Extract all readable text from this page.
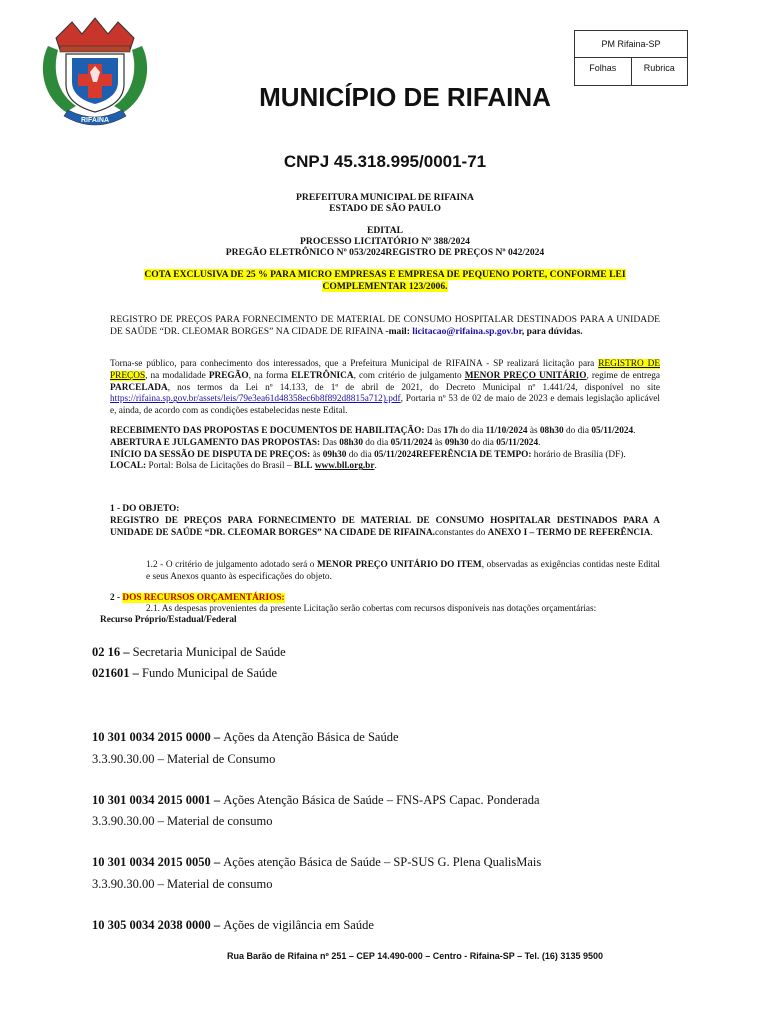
RIFAINA
PM Rifaina-SP
Folhas	Rubrica
MUNICÍPIO DE RIFAINA
CNPJ 45.318.995/0001-71
PREFEITURA MUNICIPAL DE RIFAINA
ESTADO DE SÃO PAULO
EDITAL
PROCESSO LICITATÓRIO Nº 388/2024
PREGÃO ELETRÔNICO Nº 053/2024REGISTRO DE PREÇOS Nº 042/2024
COTA EXCLUSIVA DE 25 % PARA MICRO EMPRESAS E EMPRESA DE PEQUENO PORTE, CONFORME LEI COMPLEMENTAR 123/2006.
REGISTRO DE PREÇOS PARA FORNECIMENTO DE MATERIAL DE CONSUMO HOSPITALAR DESTINADOS PARA A UNIDADE DE SAÚDE “DR. CLEOMAR BORGES” NA CIDADE DE RIFAINA -mail: licitacao@rifaina.sp.gov.br, para dúvidas.
Torna-se público, para conhecimento dos interessados, que a Prefeitura Municipal de RIFAINA - SP realizará licitação para REGISTRO DE PREÇOS, na modalidade PREGÃO, na forma ELETRÔNICA, com critério de julgamento MENOR PREÇO UNITÁRIO, regime de entrega PARCELADA, nos termos da Lei nº 14.133, de 1º de abril de 2021, do Decreto Municipal nº 1.441/24, disponível no site https://rifaina.sp.gov.br/assets/leis/79e3ea61d48358ec6b8f892d8815a712).pdf, Portaria nº 53 de 02 de maio de 2023 e demais legislação aplicável e, ainda, de acordo com as condições estabelecidas neste Edital.
RECEBIMENTO DAS PROPOSTAS E DOCUMENTOS DE HABILITAÇÃO: Das 17h do dia 11/10/2024 às 08h30 do dia 05/11/2024.
ABERTURA E JULGAMENTO DAS PROPOSTAS: Das 08h30 do dia 05/11/2024 às 09h30 do dia 05/11/2024.
INÍCIO DA SESSÃO DE DISPUTA DE PREÇOS: às 09h30 do dia 05/11/2024REFERÊNCIA DE TEMPO: horário de Brasília (DF).
LOCAL: Portal: Bolsa de Licitações do Brasil – BLL www.bll.org.br.
1 - DO OBJETO:
REGISTRO DE PREÇOS PARA FORNECIMENTO DE MATERIAL DE CONSUMO HOSPITALAR DESTINADOS PARA A UNIDADE DE SAÚDE “DR. CLEOMAR BORGES” NA CIDADE DE RIFAINA.constantes do ANEXO I – TERMO DE REFERÊNCIA.
1.2 - O critério de julgamento adotado será o MENOR PREÇO UNITÁRIO DO ITEM, observadas as exigências contidas neste Edital e seus Anexos quanto às especificações do objeto.
2 - DOS RECURSOS ORÇAMENTÁRIOS:
2.1. As despesas provenientes da presente Licitação serão cobertas com recursos disponíveis nas dotações orçamentárias:
Recurso Próprio/Estadual/Federal
02 16 – Secretaria Municipal de Saúde
021601 – Fundo Municipal de Saúde
10 301 0034 2015 0000 – Ações da Atenção Básica de Saúde
3.3.90.30.00 – Material de Consumo
10 301 0034 2015 0001 – Ações Atenção Básica de Saúde – FNS-APS Capac. Ponderada
3.3.90.30.00 – Material de consumo
10 301 0034 2015 0050 – Ações atenção Básica de Saúde – SP-SUS G. Plena QualisMais
3.3.90.30.00 – Material de consumo
10 305 0034 2038 0000 – Ações de vigilância em Saúde
Rua Barão de Rifaina nº 251 – CEP 14.490-000 – Centro - Rifaina-SP – Tel. (16) 3135 9500
